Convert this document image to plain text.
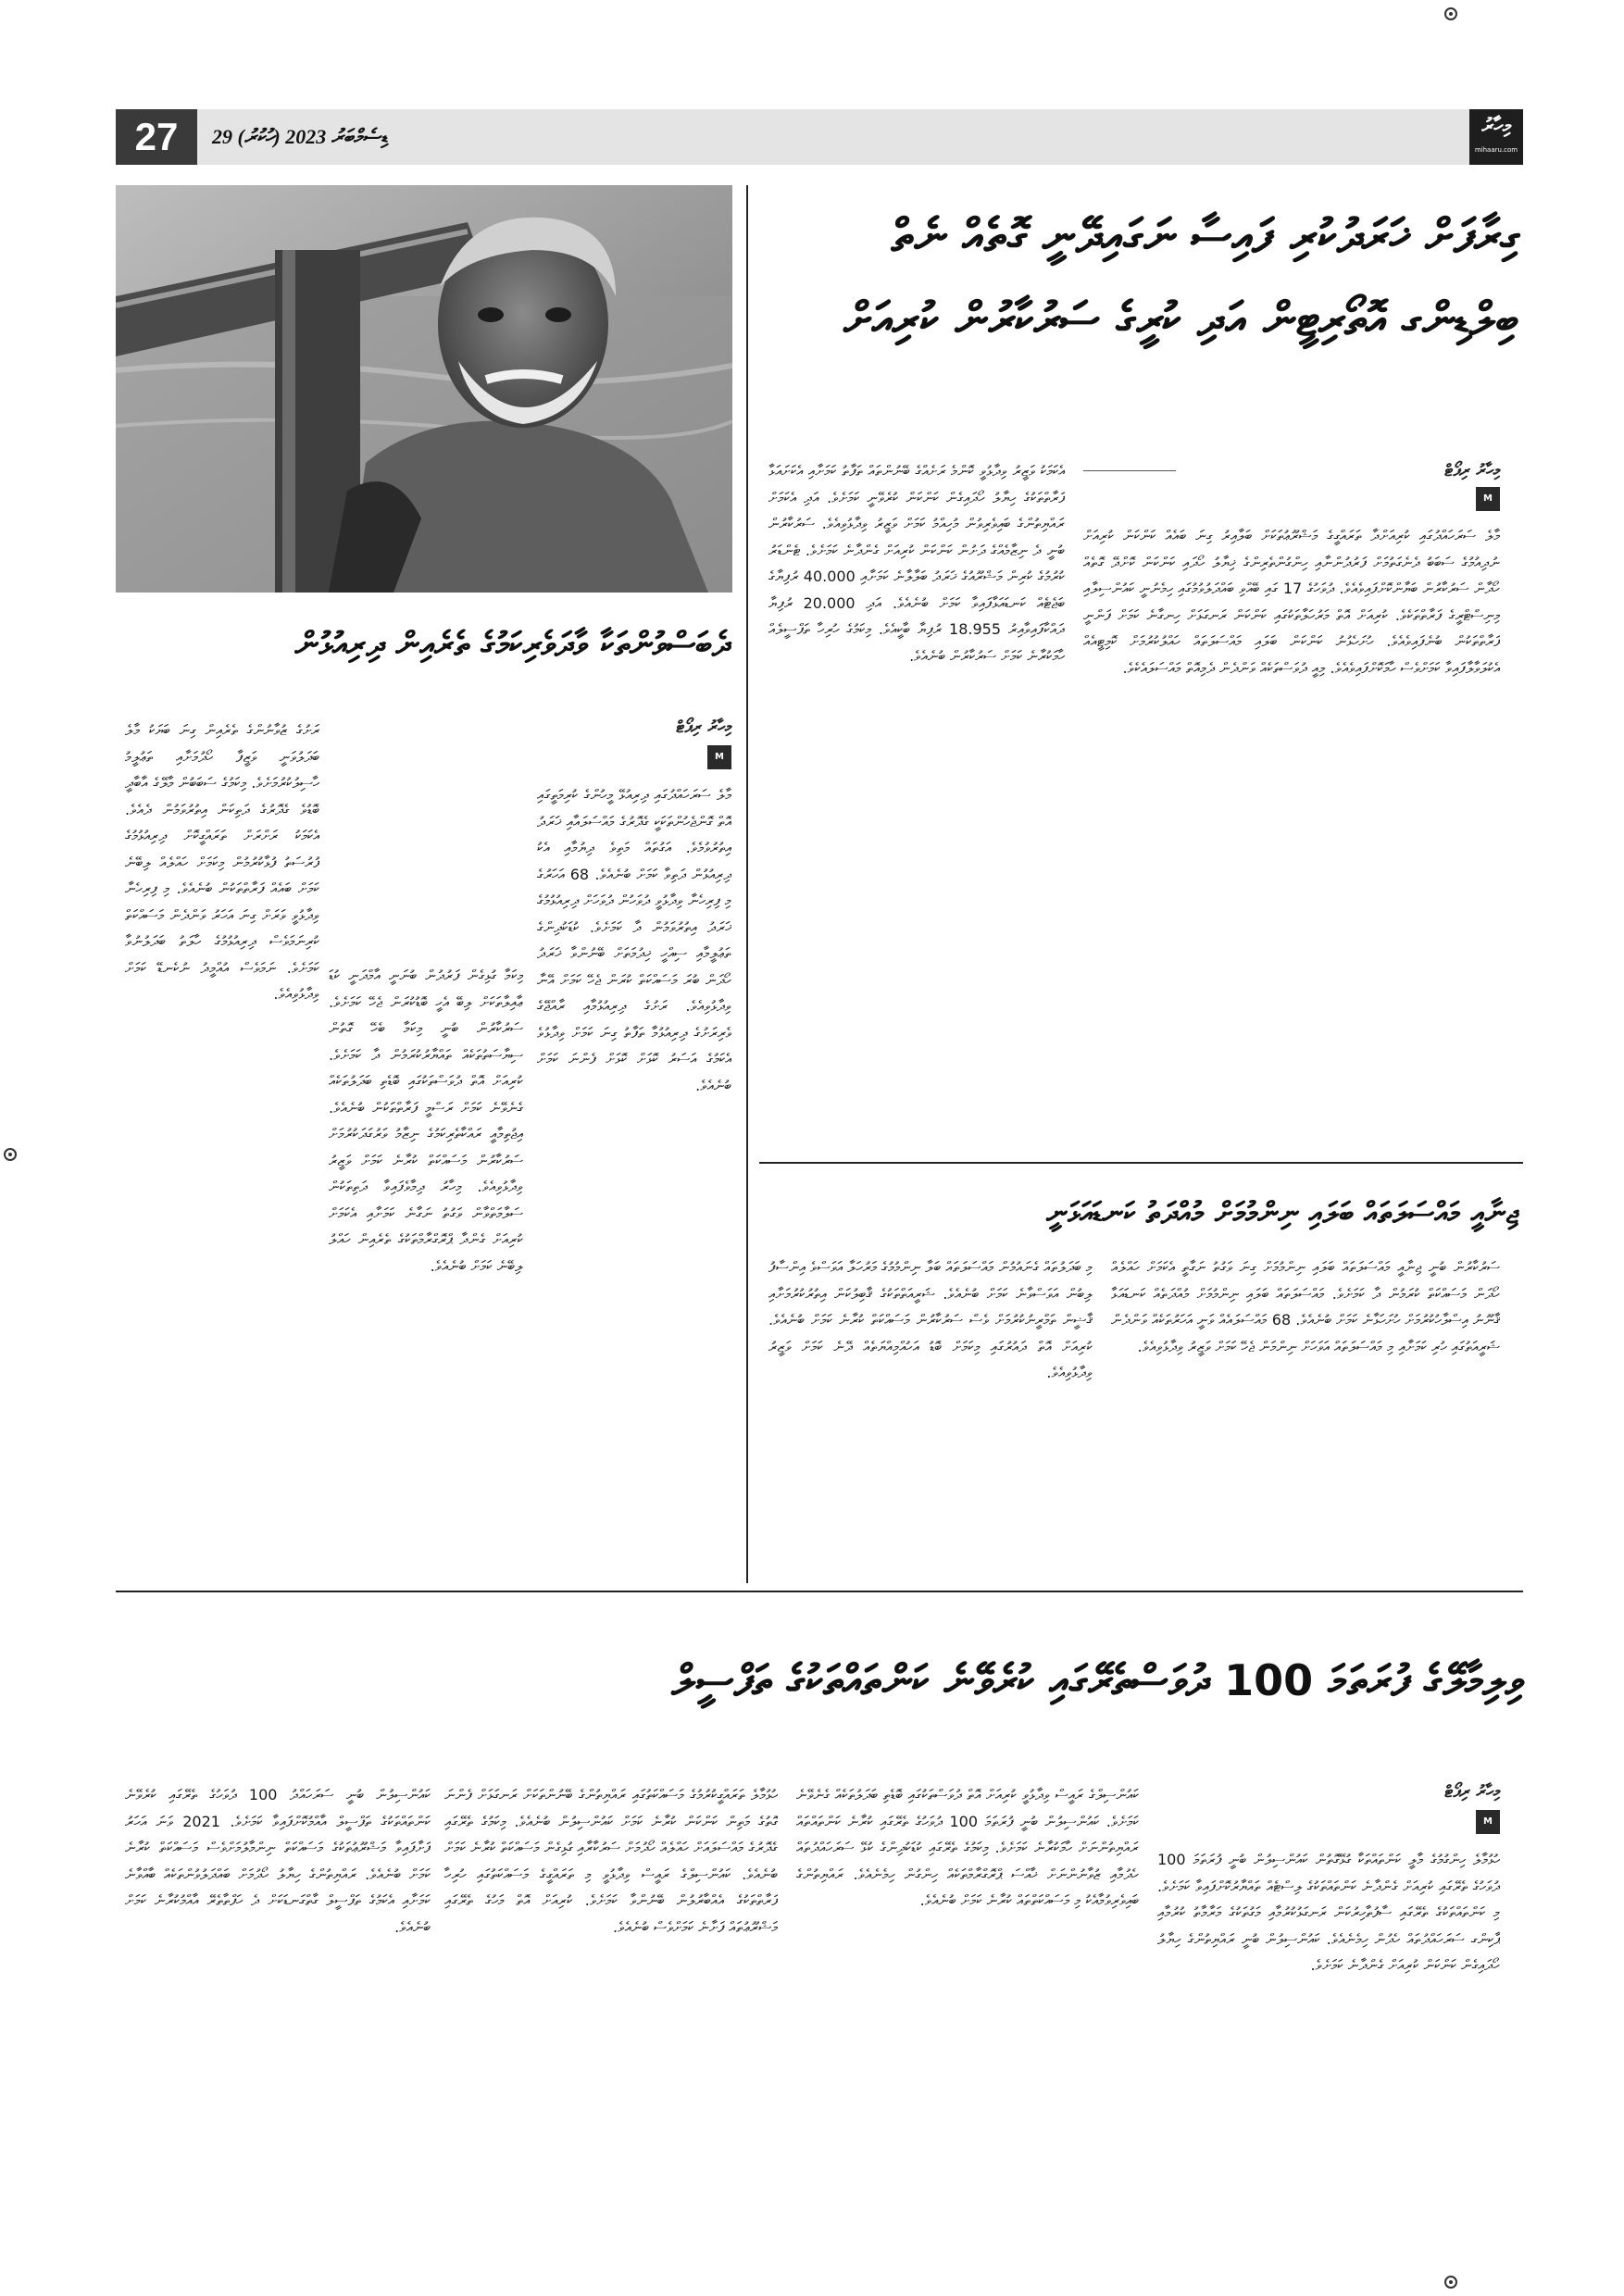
27	29 ޑިސެމްބަރު 2023 (ހުކުރު)	މިހާރު
mihaaru.com
ގިރާފަށް ޚަރަދުކުރި ފައިސާ ނަގައިދޭނީ ގޮތެއް ނެތް
ބިލްޑިންގ އޮތޯރިޓީން އަދި ކުރީގެ ސަރުކާރުން ކުރިއަށް
މިހާރު ރިޕޯޓް
M
މާލެ ސަރަހައްދުގައި ކުރިއަށްދާ ތަރައްގީގެ މަޝްރޫޢުތަކަށް ބަލާއިރު ގިނަ ބައެއް ކަންކަން ކުރިއަށް ނުދިއުމުގެ ސަބަބު ދެނެގަތުމަށް ފަރުދުންނާއި ހިންގުންތެރިންގެ ޚިޔާލު ހޯދައި ކަންކަން ކޮށްދޭ ގޮތެއް ހޯދާން ސަރުކާރުން ބަޔާންކޮށްފައިވެއެވެ. ދުވަހުގެ 17 ގައި ބޭއްވި ބައްދަލުވުމުގައި ހިމެނުނީ ކައުންސިލާއި މިނިސްޓްރީގެ ފަރާތްތަކެވެ. ކުރިއަށް އޮތް މަރުހަލާތަކުގައި ކަންކަން ރަނގަޅަށް ހިނގާނެ ކަމަށް ފަންނީ ފަރާތްތަކުން ބުނެފައިވެއެވެ. ހުށަހެޅުނު ކަންކަން ބަލައި މައްސަލަތައް ހައްލުކުރުމަށް ކޮމިޓީއެއް އެކުލަވާލާފައިވާ ކަމަށްވެސް ހާމަކޮށްފައިވެއެވެ. މިއީ ދުވަސްތަކެއް ވަންދެން ދެމިއޮތް މައްސަލައެކެވެ.
އެކަމަކު ވަޒީރު ވިދާޅުވީ ކޮންމެ ރަށެއްގެ ބޭނުންތައް ތަފާތު ކަމަށާއި އެކަށައަޅާ ފަރާތްތަކުގެ ހިޔާލު ހޯދައިގެން ކަންކަން ކުރެވޭނީ ކަމަށެވެ. އަދި އެކަމަށް ރައްޔިތުންގެ ބައިވެރިވުން މުހިއްމު ކަމަށް ވަޒީރު ވިދާޅުވިއެވެ. ސަރުކާރުން ބުނީ ދެ ނިޒާމެއްގެ ދަށުން ކަންކަން ކުރިއަށް ގެންދާނެ ކަމަށެވެ. ޓެންޑަރު ކުރުމުގެ ކުރިން މަޝްރޫއުގެ ޚަރަދު ބަލާލާނެ ކަމަށާއި 40.000 ރުފިޔާގެ ބަޖެޓެއް ކަނޑައަޅާފައިވާ ކަމަށް ބުނެއެވެ. އަދި 20.000 ރުފިޔާ ދައްކާފައިވާއިރު 18.955 ރުފިޔާ ބާކީއެވެ. މިކަމުގެ ހުރިހާ ތަފްސީލެއް ހާމަކުރާނެ ކަމަށް ސަރުކާރުން ބުނެއެވެ.
ޖިނާއީ މައްސަލަތައް ބަލައި ނިންމުމަށް މުއްދަތު ކަނޑައަޅަނީ
ސަރުކާރުން ބުނީ ޖިނާއީ މައްސަލަތައް ބަލައި ނިންމުމަށް ގިނަ ވަގުތު ނަގާތީ އެކަމަށް ހައްލެއް ހޯދަން މަސައްކަތް ކުރަމުން ދާ ކަމަށެވެ. މައްސަލަތައް ބަލައި ނިންމުމަށް މުއްދަތެއް ކަނޑައަޅާ ޤާނޫނު އިސްލާހުކުރުމަށް ހުށަހަޅާނެ ކަމަށް ބުނެއެވެ. 68 މައްސަލައެއް ވަނީ އަހަރުތަކެއް ވަންދެން ޝަރީއަތުގައި ހުރި ކަމަށާއި މި މައްސަލަތައް އަވަހަށް ނިންމަން ޖެހޭ ކަމަށް ވަޒީރު ވިދާޅުވިއެވެ.
މި ބަދަލުތައް ގެނައުމުން މައްސަލަތައް ބަލާ ނިންމުމުގެ މަރުހަލާ އަވަސްވެ އިންސާފު ލިބުން އަވަސްވާނެ ކަމަށް ބުނެއެވެ. ޝަރީއަތްތަކުގެ ޤާބިލުކަން އިތުރުކުރުމަށާއި ޤާޟީން ތަމްރީނުކުރުމަށް ވެސް ސަރުކާރުން މަސައްކަތް ކުރާނެ ކަމަށް ބުނެއެވެ. ކުރިއަށް އޮތް ދައުރުގައި މިކަމަށް ބޮޑު އަހުއްމިއްޔަތެއް ދޭނެ ކަމަށް ވަޒީރު ވިދާޅުވިއެވެ.
ދެބަސްވުންތަކާ ވާދަވެރިކަމުގެ ތެރެއިން ދިރިއުޅުން
މިހާރު ރިޕޯޓް
M
މާލެ ސަރަހައްދުގައި ދިރިއުޅޭ މީހުންގެ ކުރިމަތީގައި އޮތް ގޮންޖެހުންތަކަކީ ގެދޮރުގެ މައްސަލައާއި ޚަރަދު އިތުރުވުމެވެ. އަގުތައް މަތިވެ ދިޔުމާއި އެކު ދިރިއުޅުން ދަތިވާ ކަމަށް ބުނެއެވެ. 68 އަހަރުގެ މި ފިރިހެނާ ވިދާޅުވީ ދުވަހުން ދުވަހަށް ދިރިއުޅުމުގެ ޚަރަދު އިތުރުވަމުން ދާ ކަމަށެވެ. ކުޑަކުދިންގެ ތަޢުލީމާއި ސިއްހީ ޚިދުމަތަށް ބޭނުންވާ ޚަރަދު ހޯދަން ބުރަ މަސައްކަތް ކުރަން ޖެހޭ ކަމަށް އޭނާ ވިދާޅުވިއެވެ. ރަށުގެ ދިރިއުޅުމާއި ރާއްޖޭގެ ވެރިރަށުގެ ދިރިއުޅުމާ ތަފާތު ގިނަ ކަމަށް ވިދާޅުވެ އެކަމުގެ އަސަރު ކޮޅަށް ކޮޅަށް ފެންނަ ކަމަށް ބުނެއެވެ.
މިކަމާ ގުޅިގެން ފަރުދުން ބުނަނީ އާމްދަނީ ކުޑަ ޢާއިލާތަކަށް ލިބޭ އެހީ ބޮޑުކުރަން ޖެހޭ ކަމަށެވެ. ސަރުކާރުން ބުނީ މިކަމާ ބެހޭ ގޮތުން ސިޔާސަތުތަކެއް ތައްޔާރުކުރަމުން ދާ ކަމަށެވެ. ކުރިއަށް އޮތް ދުވަސްތަކުގައި ބޮޑެތި ބަދަލުތަކެއް ގެނެވޭނެ ކަމަށް ރަސްމީ ފަރާތްތަކުން ބުނެއެވެ. އިޖުތިމާއީ ރައްކާތެރިކަމުގެ ނިޒާމު ވަރުގަދަކުރުމަށް ސަރުކާރުން މަސައްކަތް ކުރާނެ ކަމަށް ވަޒީރު ވިދާޅުވިއެވެ. މިހާރު ދިމާވެފައިވާ ދަތިތަކުން ސަލާމަތްވާން ވަގުތު ނަގާނެ ކަމަށާއި އެކަމަށް ކުރިއަށް ގެންދާ ޕްރޮގްރާމްތަކުގެ ތެރެއިން ހައްލު ލިބޭނެ ކަމަށް ބުނެއެވެ.
ރަށުގެ ޒުވާނުންގެ ތެރެއިން ގިނަ ބަޔަކު މާލެ ބަދަލުވަނީ ވަޒީފާ ހޯދުމަށާއި ތަޢުލީމު ހާސިލުކުރުމަށެވެ. މިކަމުގެ ސަބަބުން މާލޭގެ އާބާދީ ބޮޑުވެ ގެދޮރުގެ ދަތިކަން އިތުރުވަމުން ދެއެވެ. އެކަމަކު ރަށްރަށް ތަރައްގީކޮށް ދިރިއުޅުމުގެ ފުރުސަތު ފުޅާކުރުމުން މިކަމަށް ހައްލެއް ލިބޭނެ ކަމަށް ބައެއް ފަރާތްތަކުން ބުނެއެވެ. މި ފިރިހެނާ ވިދާޅުވީ ވަރަށް ގިނަ އަހަރު ވަންދެން މަސައްކަތް ކުރިނަމަވެސް ދިރިއުޅުމުގެ ހާލަތު ބަދަލުނުވާ ކަމަށެވެ. ނަމަވެސް އުއްމީދު ނުކެނޑޭ ކަމަށް ވިދާޅުވިއެވެ.
ވިލިމާލޭގެ ފުރަތަމަ 100 ދުވަސްތެރޭގައި ކުރެވޭނެ ކަންތައްތަކުގެ ތަފްސީލް
މިހާރު ރިޕޯޓް
M
ހުޅުމާލެ ހިންގުމުގެ މާލީ ކަންތައްތަކާ ގުޅޭގޮތުން ކައުންސިލުން ބުނީ ފުރަތަމަ 100 ދުވަހުގެ ތެރޭގައި ކުރިއަށް ގެންދާނެ ކަންތައްތަކުގެ ލިސްޓެއް ތައްޔާރުކޮށްފައިވާ ކަމަށެވެ. މި ކަންތައްތަކުގެ ތެރޭގައި ސާފުތާހިރުކަން ރަނގަޅުކުރުމާއި މަގުތަކުގެ މަރާމާތު ކުރުމާއި ޕާކިންގ ސަރަހައްދުތައް ހެދުން ހިމެނެއެވެ. ކައުންސިލުން ބުނީ ރައްޔިތުންގެ ހިޔާލު ހޯދައިގެން ކަންކަން ކުރިއަށް ގެންދާނެ ކަމަށެވެ.
ކައުންސިލްގެ ރައީސް ވިދާޅުވީ ކުރިއަށް އޮތް ދުވަސްތަކުގައި ބޮޑެތި ބަދަލުތަކެއް ގެނެވޭނެ ކަމަށެވެ. ކައުންސިލުން ބުނީ ފުރަތަމަ 100 ދުވަހުގެ ތެރޭގައި ކުރާނެ ކަންތައްތައް ރައްޔިތުންނަށް ހާމަކުރާނެ ކަމަށެވެ. މިކަމުގެ ތެރޭގައި ކުޑަކުދިންގެ ކުޅޭ ސަރަހައްދުތައް ހެދުމާއި ޒުވާނުންނަށް ޚާއްސަ ޕްރޮގްރާމްތަކެއް ހިންގުން ހިމެނެއެވެ. ރައްޔިތުންގެ ބައިވެރިވުމާއެކު މި މަސައްކަތްތައް ކުރާނެ ކަމަށް ބުނެއެވެ.
ހުޅުމާލެ ތަރައްގީކުރުމުގެ މަސައްކަތުގައި ރައްޔިތުންގެ ބޭނުންތަކަށް ރަނގަޅަށް ފެންނަ ގޮތުގެ މަތިން ކަންކަން ކުރާނެ ކަމަށް ކައުންސިލުން ބުނެއެވެ. މިކަމުގެ ތެރޭގައި ގެދޮރުގެ މައްސަލައަށް ހައްލެއް ހޯދުމަށް ސަރުކާރާއި ގުޅިގެން މަސައްކަތް ކުރާނެ ކަމަށް ބުނެއެވެ. ކައުންސިލްގެ ރައީސް ވިދާޅުވީ މި ތަރައްގީގެ މަސައްކަތުގައި ހުރިހާ ފަރާތްތަކުގެ އެއްބާރުލުން ބޭނުންވާ ކަމަށެވެ. ކުރިއަށް އޮތް މަހުގެ ތެރޭގައި މަޝްރޫޢުތައް ފަށާނެ ކަމަށްވެސް ބުނެއެވެ.
ކައުންސިލުން ބުނީ ސަރަހައްދު 100 ދުވަހުގެ ތެރޭގައި ކުރެވޭނެ ކަންތައްތަކުގެ ތަފްސީލް އާއްމުކޮށްފައިވާ ކަމަށެވެ. 2021 ވަނަ އަހަރު ފަށާފައިވާ މަޝްރޫޢުތަކުގެ މަސައްކަތް ނިންމާލުމަށްވެސް މަސައްކަތް ކުރާނެ ކަމަށް ބުނެއެވެ. ރައްޔިތުންގެ ހިޔާލު ހޯދުމަށް ބައްދަލުވުންތަކެއް ބާއްވާނެ ކަމަށާއި އެކަމުގެ ތަފްސީލް ގާތްގަނޑަކަށް ދެ ހަފްތާތެރޭ އާއްމުކުރާނެ ކަމަށް ބުނެއެވެ.
